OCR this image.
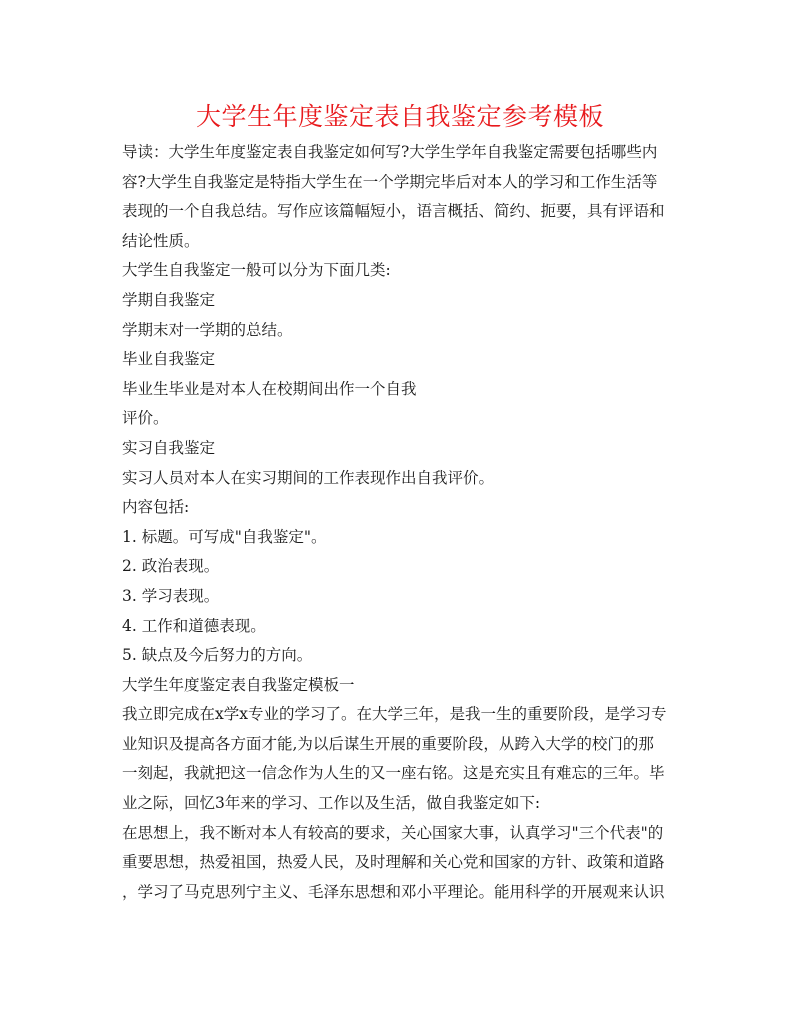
大学生年度鉴定表自我鉴定参考模板
导读：大学生年度鉴定表自我鉴定如何写?大学生学年自我鉴定需要包括哪些内
容?大学生自我鉴定是特指大学生在一个学期完毕后对本人的学习和工作生活等
表现的一个自我总结。写作应该篇幅短小，语言概括、简约、扼要，具有评语和
结论性质。
大学生自我鉴定一般可以分为下面几类:
学期自我鉴定
学期末对一学期的总结。
毕业自我鉴定
毕业生毕业是对本人在校期间出作一个自我
评价。
实习自我鉴定
实习人员对本人在实习期间的工作表现作出自我评价。
内容包括:
1. 标题。可写成"自我鉴定"。
2. 政治表现。
3. 学习表现。
4. 工作和道德表现。
5. 缺点及今后努力的方向。
大学生年度鉴定表自我鉴定模板一
我立即完成在x学x专业的学习了。在大学三年，是我一生的重要阶段，是学习专
业知识及提高各方面才能,为以后谋生开展的重要阶段，从跨入大学的校门的那
一刻起，我就把这一信念作为人生的又一座右铭。这是充实且有难忘的三年。毕
业之际，回忆3年来的学习、工作以及生活，做自我鉴定如下:
在思想上，我不断对本人有较高的要求，关心国家大事，认真学习"三个代表"的
重要思想，热爱祖国，热爱人民，及时理解和关心党和国家的方针、政策和道路
，学习了马克思列宁主义、毛泽东思想和邓小平理论。能用科学的开展观来认识
